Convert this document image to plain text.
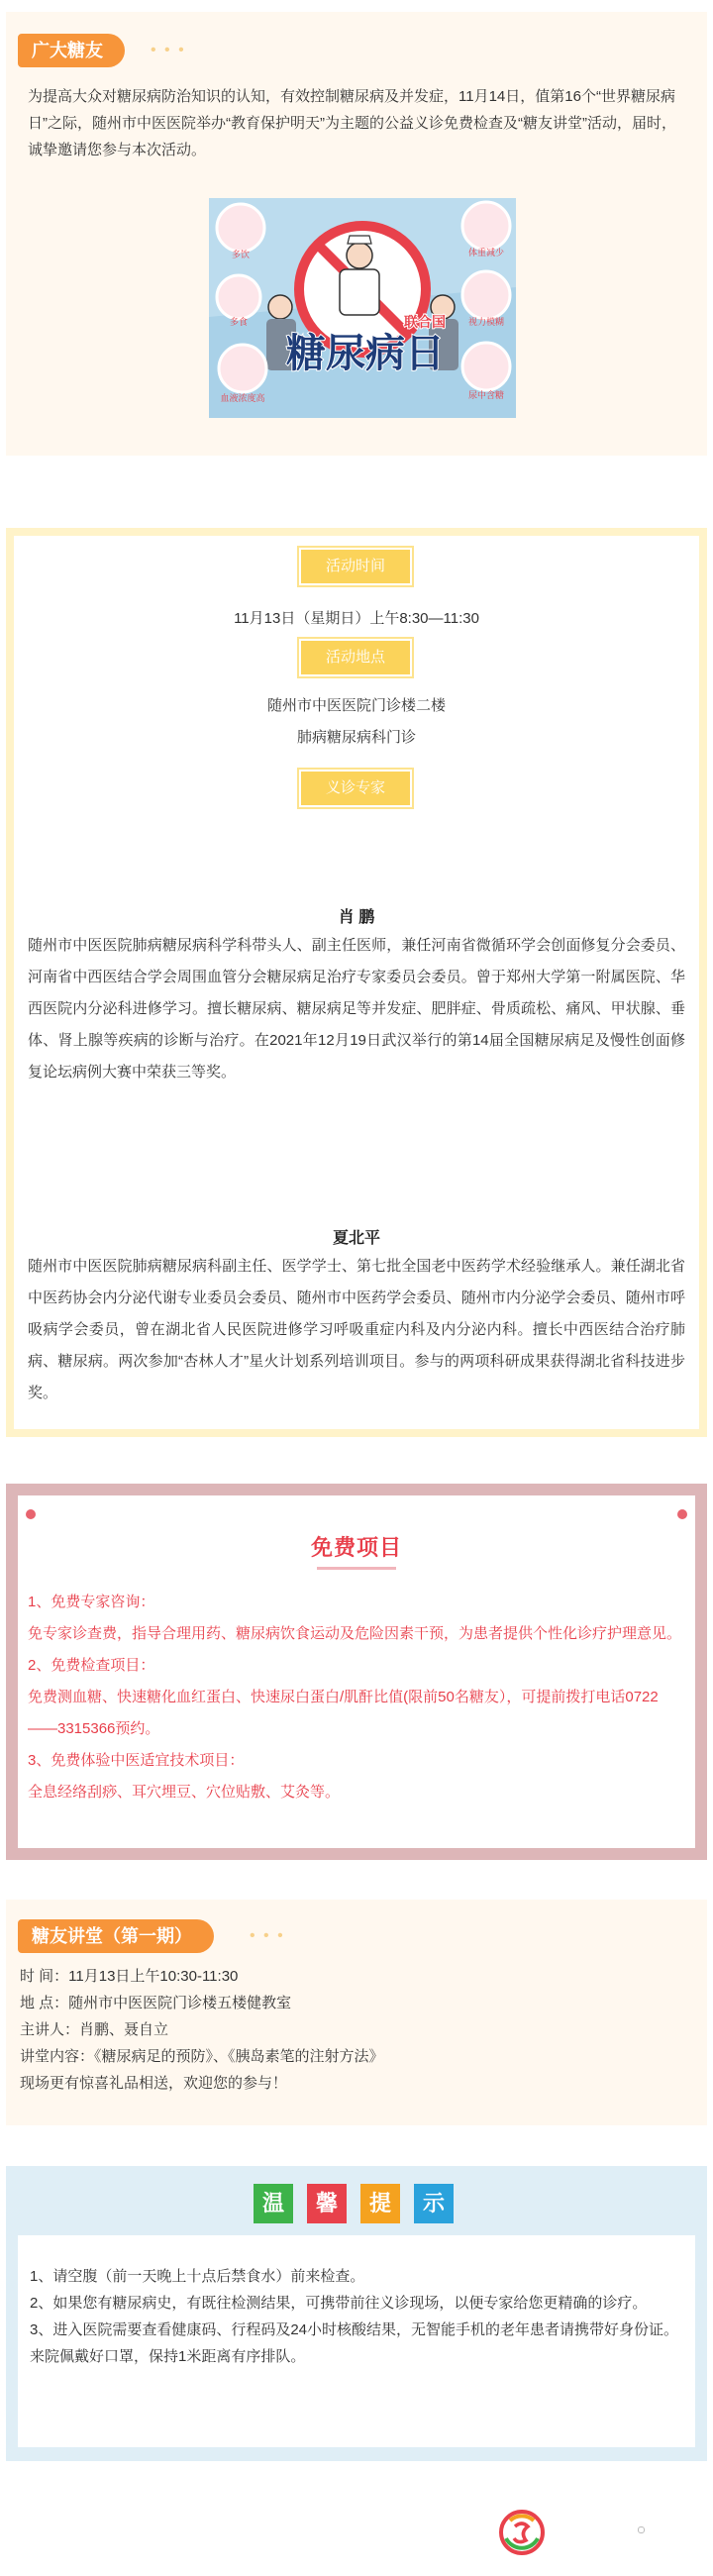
广大糖友	• • •

为提高大众对糖尿病防治知识的认知，有效控制糖尿病及并发症，11月14日，值第16个“世界糖尿病日”之际，随州市中医医院举办“教育保护明天”为主题的公益义诊免费检查及“糖友讲堂”活动，届时，诚挚邀请您参与本次活动。

多饮
多食
血液浓度高
体重减少
视力模糊
尿中含糖
糖尿病日
联合国
活动时间
11月13日（星期日）上午8:30—11:30
活动地点
随州市中医医院门诊楼二楼
肺病糖尿病科门诊
义诊专家
肖 鹏

随州市中医医院肺病糖尿病科学科带头人、副主任医师，兼任河南省微循环学会创面修复分会委员、河南省中西医结合学会周围血管分会糖尿病足治疗专家委员会委员。曾于郑州大学第一附属医院、华西医院内分泌科进修学习。擅长糖尿病、糖尿病足等并发症、肥胖症、骨质疏松、痛风、甲状腺、垂体、肾上腺等疾病的诊断与治疗。在2021年12月19日武汉举行的第14届全国糖尿病足及慢性创面修复论坛病例大赛中荣获三等奖。

夏北平

随州市中医医院肺病糖尿病科副主任、医学学士、第七批全国老中医药学术经验继承人。兼任湖北省中医药协会内分泌代谢专业委员会委员、随州市中医药学会委员、随州市内分泌学会委员、随州市呼吸病学会委员，曾在湖北省人民医院进修学习呼吸重症内科及内分泌内科。擅长中西医结合治疗肺病、糖尿病。两次参加“杏林人才”星火计划系列培训项目。参与的两项科研成果获得湖北省科技进步奖。

免费项目
1、免费专家咨询：
免专家诊查费，指导合理用药、糖尿病饮食运动及危险因素干预，为患者提供个性化诊疗护理意见。
2、免费检查项目：
免费测血糖、快速糖化血红蛋白、快速尿白蛋白/肌酐比值(限前50名糖友），可提前拨打电话0722——3315366预约。
3、免费体验中医适宜技术项目：
全息经络刮痧、耳穴埋豆、穴位贴敷、艾灸等。
糖友讲堂（第一期）	• • •
时 间：11月13日上午10:30-11:30
地 点：随州市中医医院门诊楼五楼健教室
主讲人：肖鹏、聂自立
讲堂内容：《糖尿病足的预防》、《胰岛素笔的注射方法》
现场更有惊喜礼品相送，欢迎您的参与！
温	馨	提	示
1、请空腹（前一天晚上十点后禁食水）前来检查。
2、如果您有糖尿病史，有既往检测结果，可携带前往义诊现场，以便专家给您更精确的诊疗。
3、进入医院需要查看健康码、行程码及24小时核酸结果，无智能手机的老年患者请携带好身份证。来院佩戴好口罩，保持1米距离有序排队。
